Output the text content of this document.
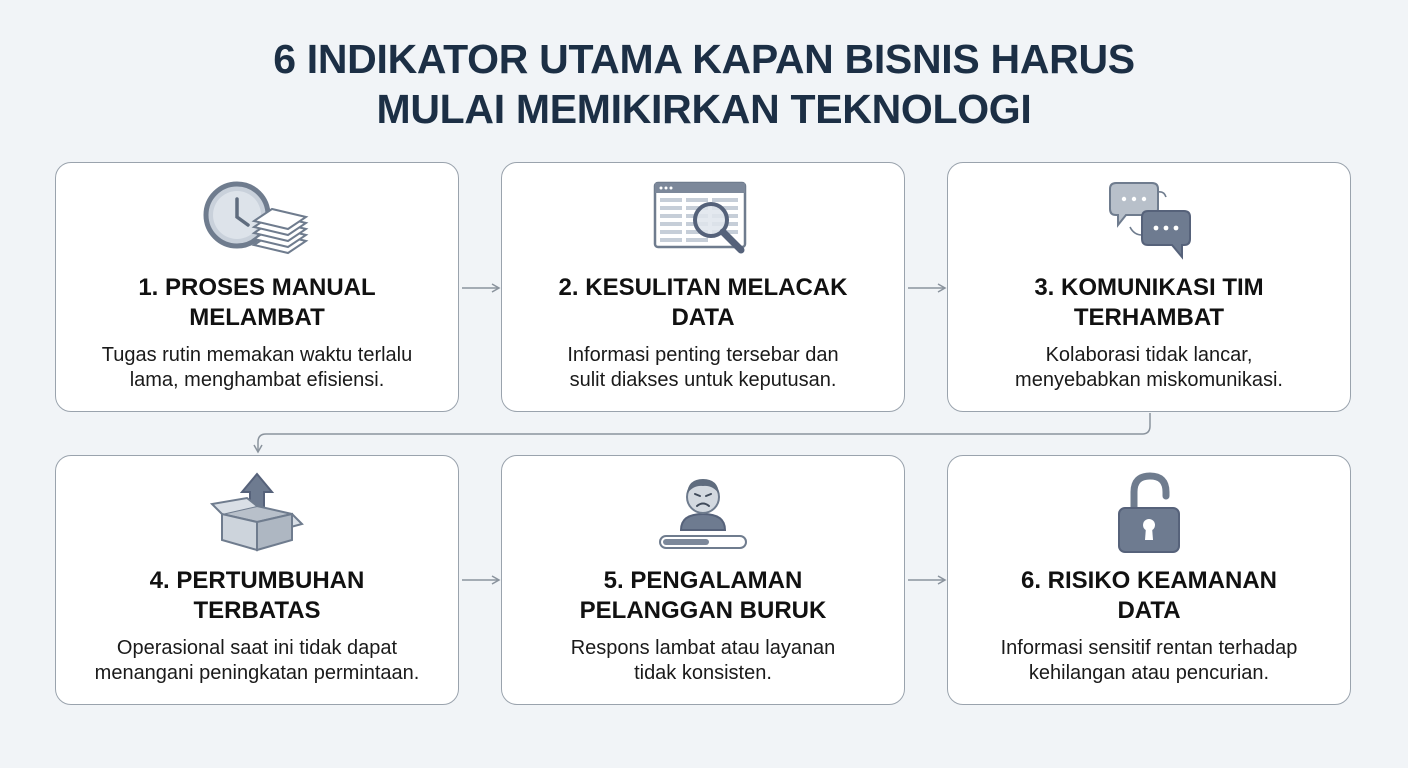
6 INDIKATOR UTAMA KAPAN BISNIS HARUS
MULAI MEMIKIRKAN TEKNOLOGI
1. PROSES MANUAL
MELAMBAT
Tugas rutin memakan waktu terlalu
lama, menghambat efisiensi.
2. KESULITAN MELACAK
DATA
Informasi penting tersebar dan
sulit diakses untuk keputusan.
3. KOMUNIKASI TIM
TERHAMBAT
Kolaborasi tidak lancar,
menyebabkan miskomunikasi.
4. PERTUMBUHAN
TERBATAS
Operasional saat ini tidak dapat
menangani peningkatan permintaan.
5. PENGALAMAN
PELANGGAN BURUK
Respons lambat atau layanan
tidak konsisten.
6. RISIKO KEAMANAN
DATA
Informasi sensitif rentan terhadap
kehilangan atau pencurian.
